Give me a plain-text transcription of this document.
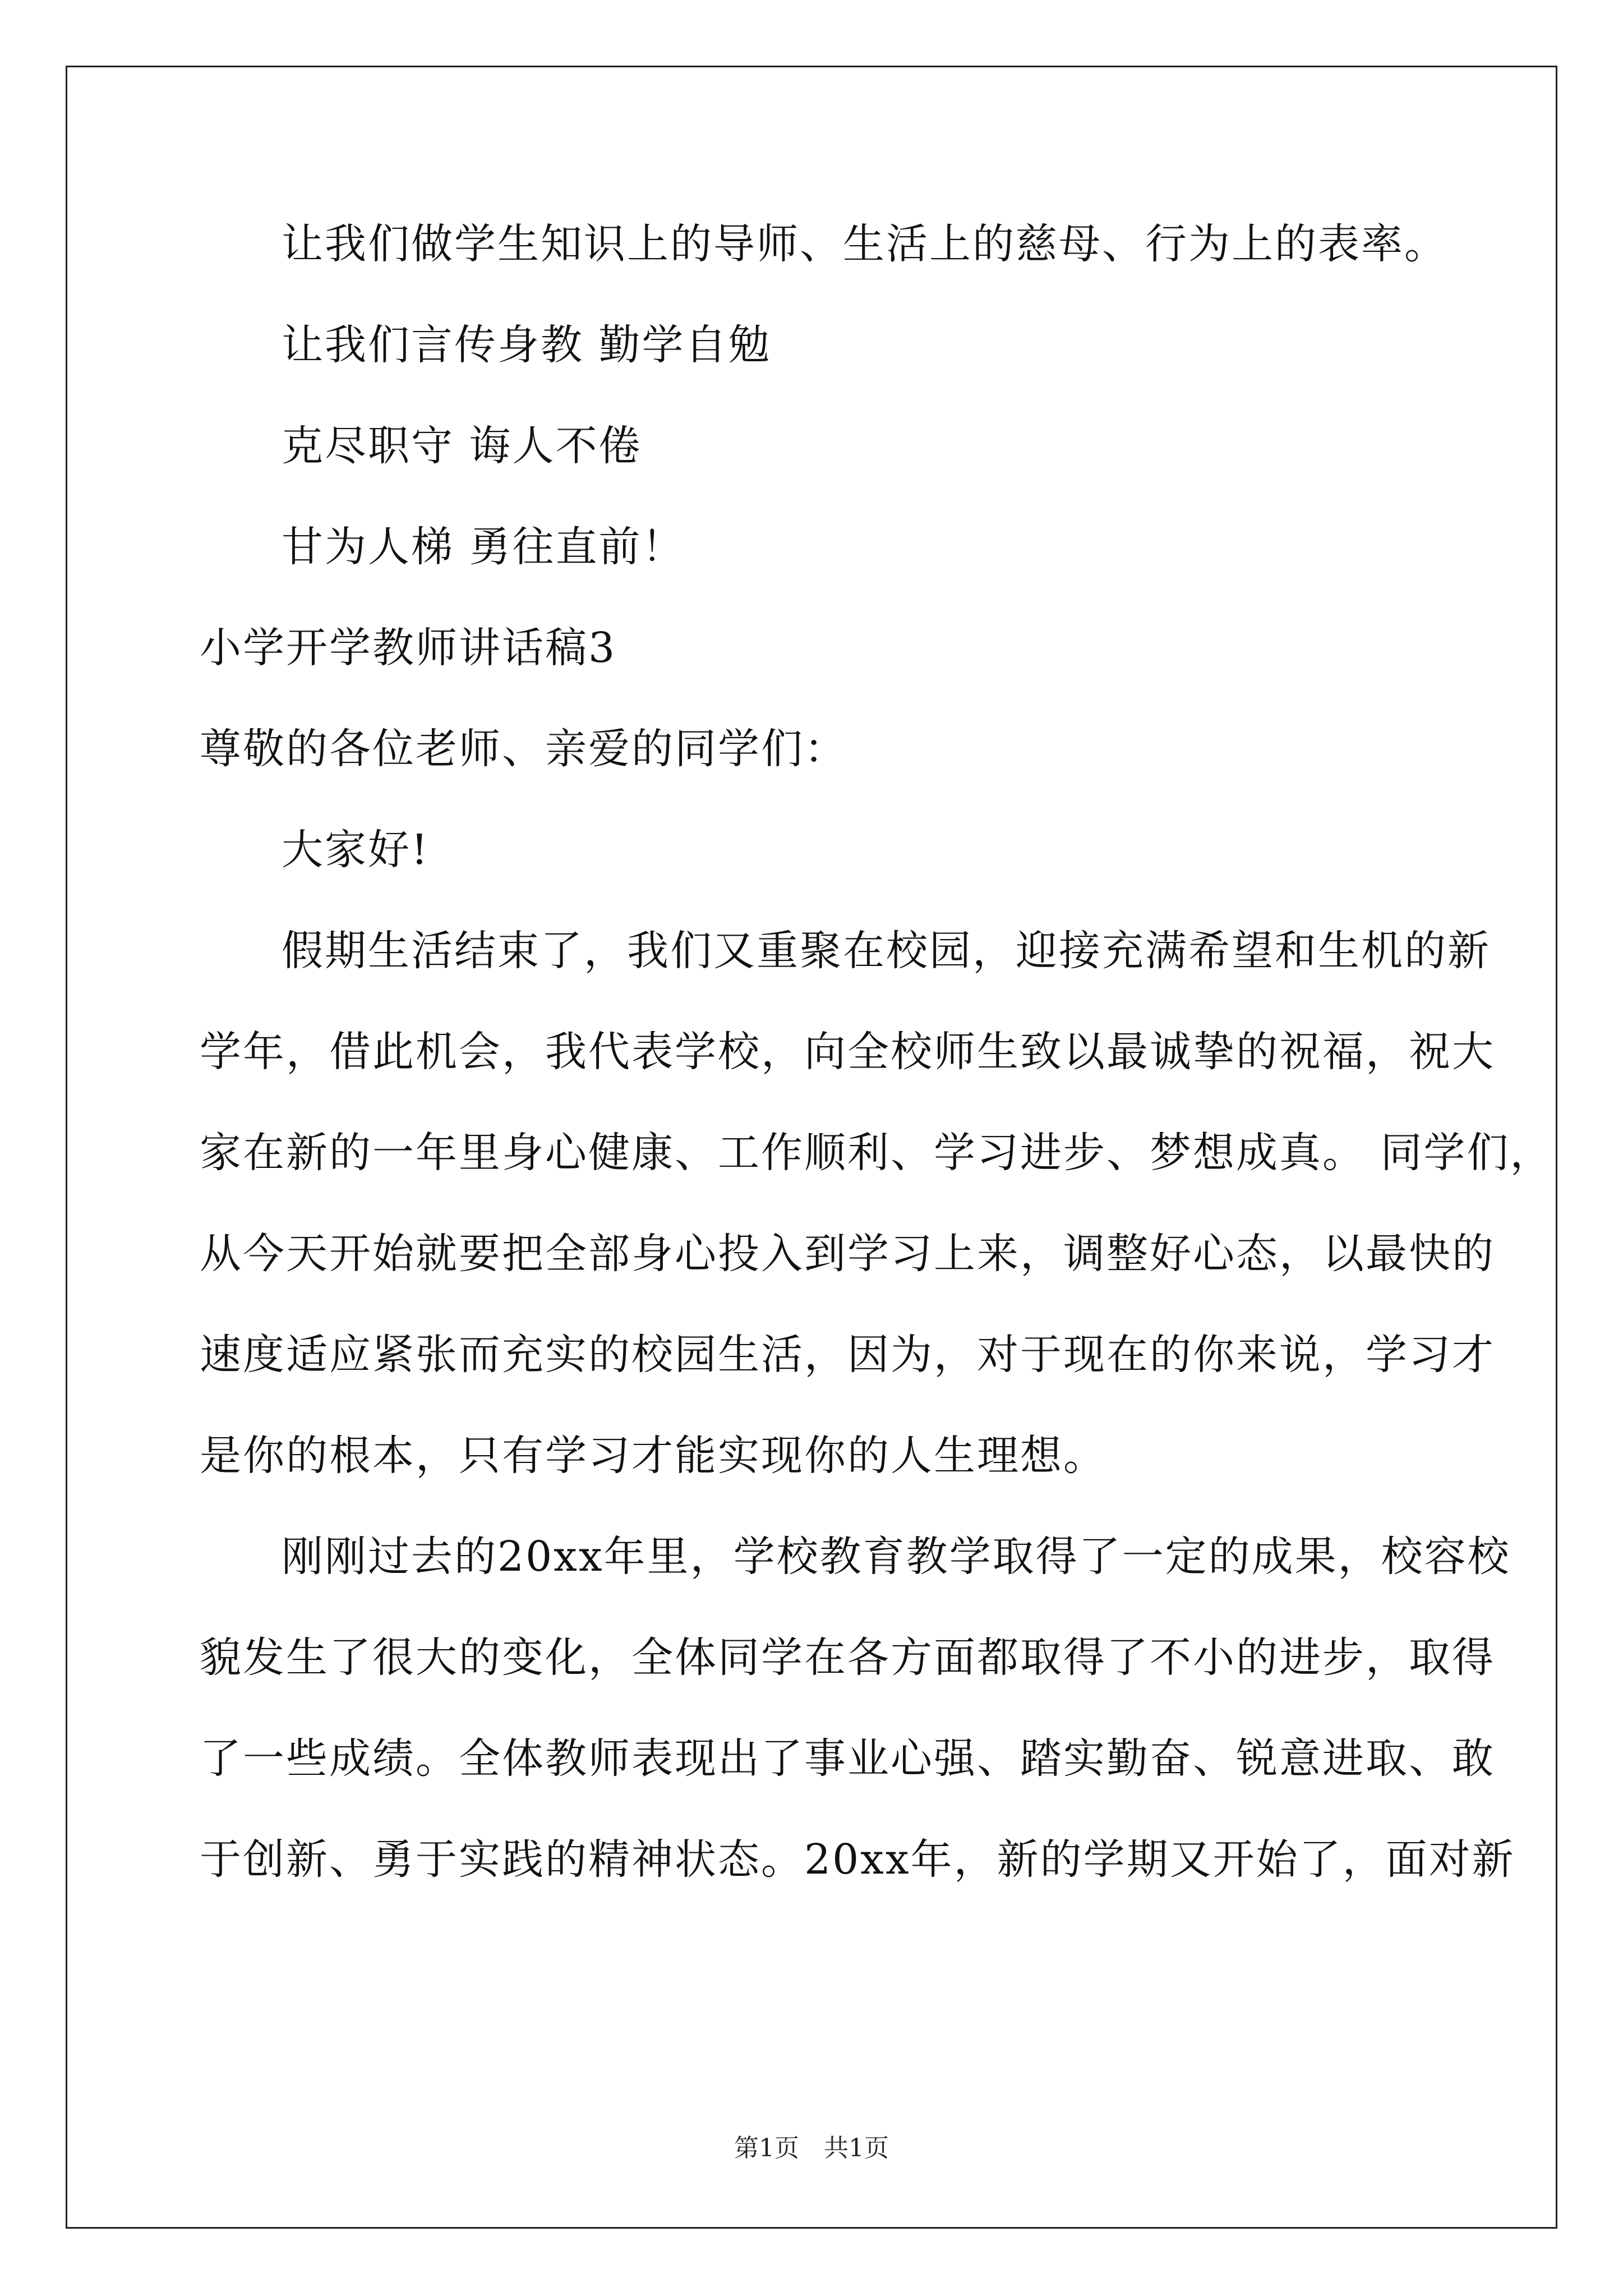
让我们做学生知识上的导师、生活上的慈母、行为上的表率。
让我们言传身教 勤学自勉
克尽职守 诲人不倦
甘为人梯 勇往直前！
小学开学教师讲话稿3
尊敬的各位老师、亲爱的同学们：
大家好!
假期生活结束了，我们又重聚在校园，迎接充满希望和生机的新
学年，借此机会，我代表学校，向全校师生致以最诚挚的祝福，祝大
家在新的一年里身心健康、工作顺利、学习进步、梦想成真。 同学们，
从今天开始就要把全部身心投入到学习上来，调整好心态，以最快的
速度适应紧张而充实的校园生活，因为，对于现在的你来说，学习才
是你的根本，只有学习才能实现你的人生理想。
刚刚过去的20xx年里，学校教育教学取得了一定的成果，校容校
貌发生了很大的变化，全体同学在各方面都取得了不小的进步，取得
了一些成绩。全体教师表现出了事业心强、踏实勤奋、锐意进取、敢
于创新、勇于实践的精神状态。20xx年，新的学期又开始了，面对新
第1页　共1页
